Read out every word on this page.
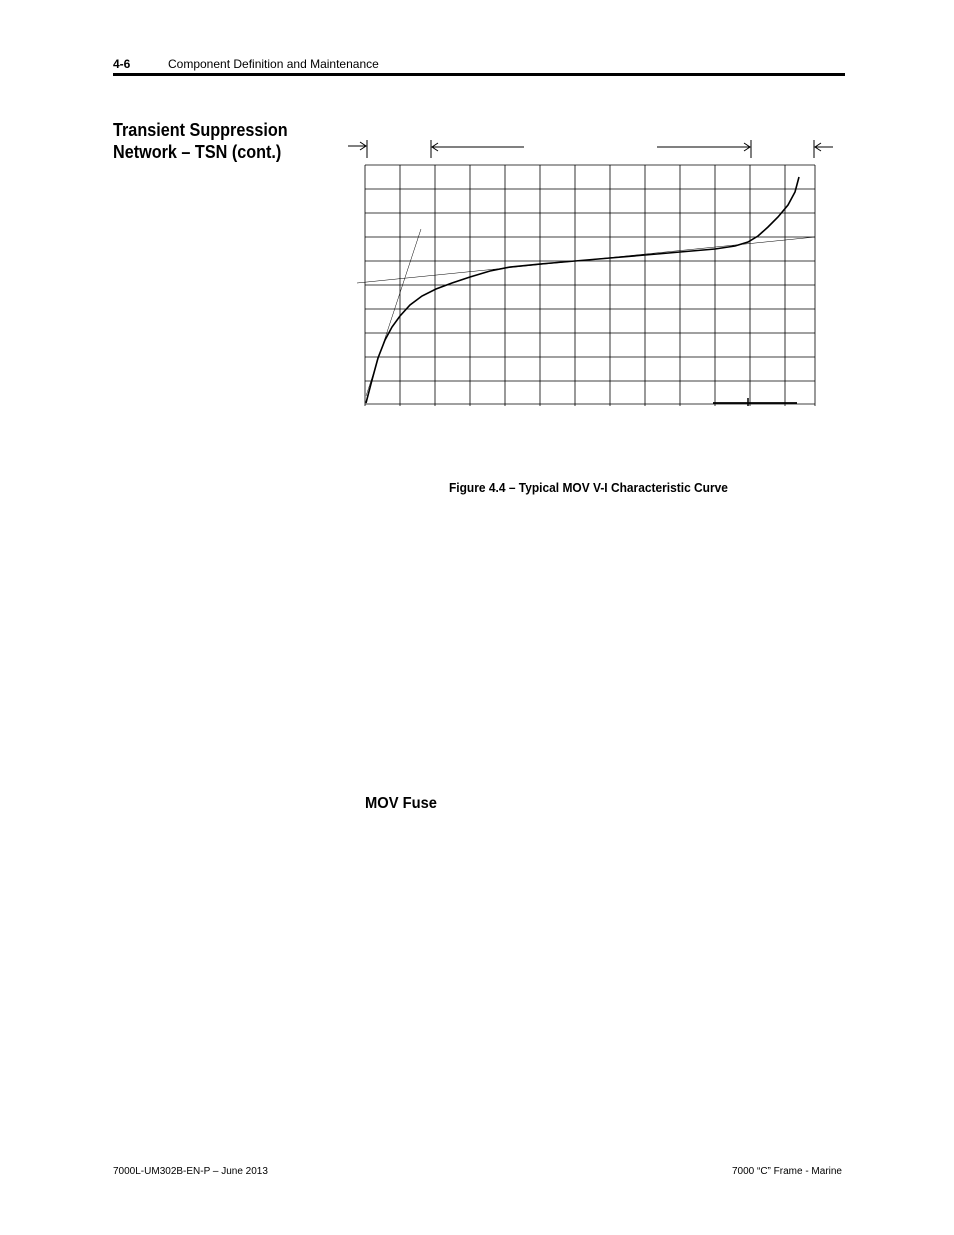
4-6	Component Definition and Maintenance
Transient Suppression
Network – TSN (cont.)
Figure 4.4 – Typical MOV V-I Characteristic Curve
MOV Fuse
7000L-UM302B-EN-P – June 2013	7000 “C” Frame - Marine
